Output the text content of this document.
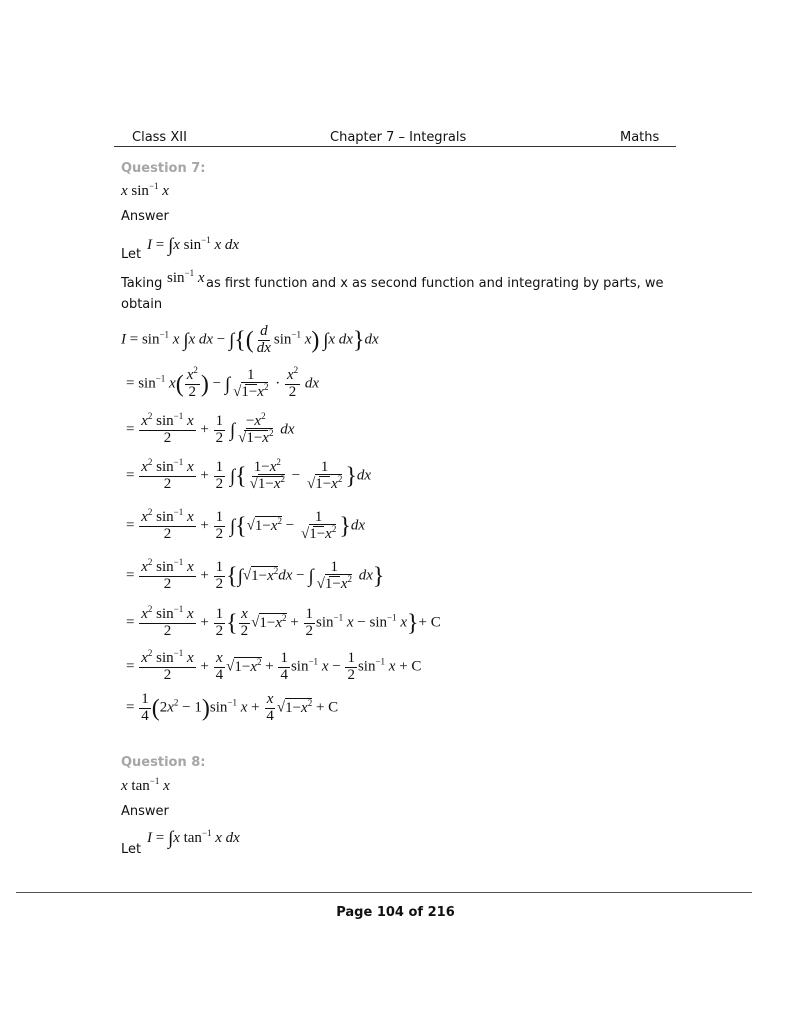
Class XII	Chapter 7 – Integrals	Maths
Question 7:
x $\sin^{-1} x$
Answer
Let
I = ∫x $\sin^{-1} x$ dx
Taking $\sin^{-1} x$ as first function and x as second function and integrating by parts, we
obtain
$I = \sin^{-1} x$ ∫x dx − ∫{( $\frac{d}{dx} \sin^{-1} x$) ∫x dx}dx
= $\sin^{-1} x( \frac{x^2}{2}$ ) − ∫ $\frac{1}{√1-x^2} \cdot \frac{x^2}{2}$ dx
= $\frac{x^2 \sin^{-1} x}{2} + \frac{1}{2}$ ∫ $\frac{-x^2}{√1-x^2}$ dx
= $\frac{x^2 \sin^{-1} x}{2} + \frac{1}{2}$ ∫{ $\frac{1-x^2}{√1-x^2} - \frac{1}{√1-x^2} \}dx$
= $\frac{x^2 \sin^{-1} x}{2} + \frac{1}{2} \int\{√1-x^2 - \frac{1}{√1-x^2} \}dx$
= $\frac{x^2 \sin^{-1} x}{2} + \frac{1}{2} \{\int√1-x^2dx$ − ∫ $\frac{1}{√1-x^2} dx$}
= $\frac{x^2 \sin^{-1} x}{2} + \frac{1}{2}$ { $\frac{x}{2} √1-x^2 + \frac{1}{2} \sin^{-1} x - \sin^{-1} x\}+ C$
= $\frac{x^2 \sin^{-1} x}{2} + \frac{x}{4} √1-x^2 + \frac{1}{4} \sin^{-1} x - \frac{1}{2} \sin^{-1} x + C$
= $\frac{1}{4} (2x^2 - 1)\sin^{-1}$ $x + \frac{x}{4} √1-x^2 + C$
Question 8:
x $\tan^{-1} x$
Answer
Let
I = ∫x $\tan^{-1} x$ dx
Page 104 of 216
